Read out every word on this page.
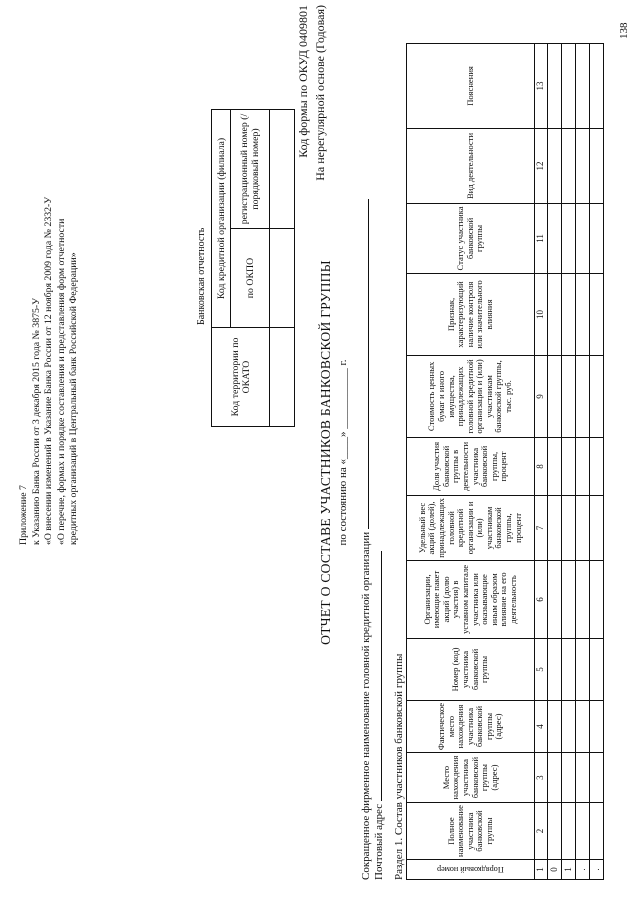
Приложение 7 к Указанию Банка России от 3 декабря 2015 года № 3875-У «О внесении изменений в Указание Банка России от 12 ноября 2009 года № 2332-У «О перечне, формах и порядке составления и представления форм отчетности кредитных организаций в Центральный банк Российской Федерации»	Банковская отчетность
Код территории по ОКАТО	Код кредитной организации (филиала)	
	по ОКПО	регистрационный номер (/порядковый номер)

Код формы по ОКУД 0409801 На нерегулярной основе (Годовая)
ОТЧЕТ О СОСТАВЕ УЧАСТНИКОВ БАНКОВСКОЙ ГРУППЫ по состоянию на «____» ___________ г.
Сокращенное фирменное наименование головной кредитной организации Почтовый адрес Раздел 1. Состав участников банковской группы	Порядковый номер	Полное наименование участника банковской группы	Место нахождения участника банковской группы (адрес)	Фактическое место нахождения участника банковской группы (адрес)	Номер (код) участника банковской группы	Организации, имеющие пакет акций (долю участия) в уставном капитале участника или оказывающие иным образом влияние на его деятельность	Удельный вес акций (долей), принадлежащих головной кредитной организации и (или) участникам банковской группы, процент	Доля участия банковской группы в деятельности участника банковской группы, процент	Стоимость ценных бумаг и иного имущества, принадлежащих головной кредитной организации и (или) участникам банковской группы, тыс. руб.	Признак, характеризующий наличие контроля или значительного влияния	Статус участника банковской группы	Вид деятельности	Пояснения
1	2	3	4	5	6	7	8	9	10	11	12	13
0												
1												
.												
.												
138
